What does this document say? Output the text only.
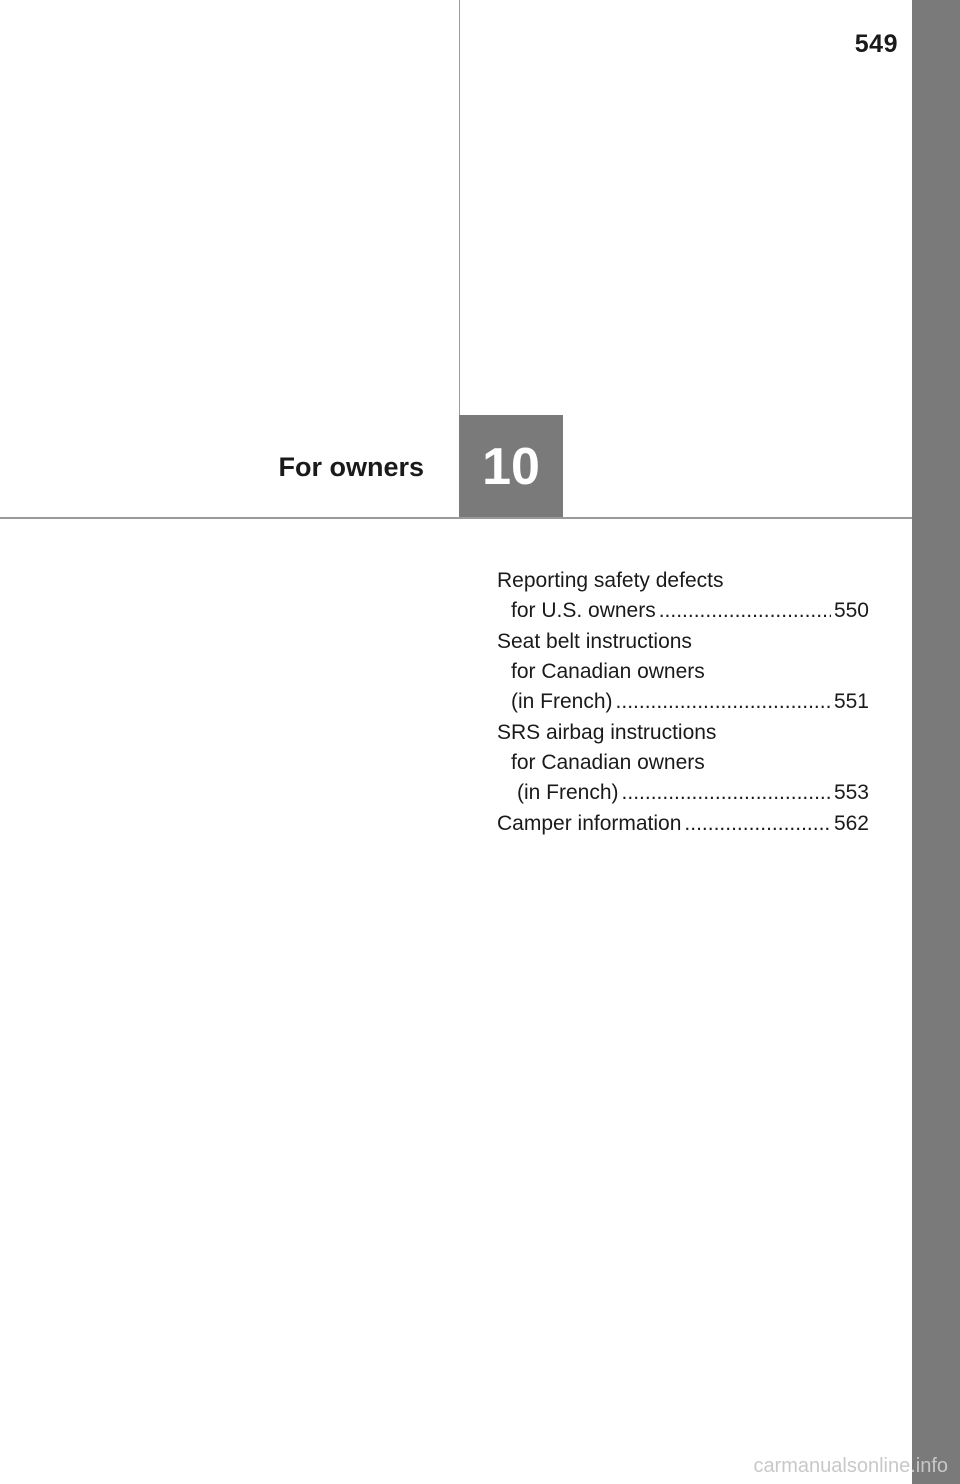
549
For owners 10
Reporting safety defects
for U.S. owners .....	550
Seat belt instructions
for Canadian owners
(in French) .....	551
SRS airbag instructions
for Canadian owners
(in French) .....	553
Camper information .....	562
carmanualsonline.info
